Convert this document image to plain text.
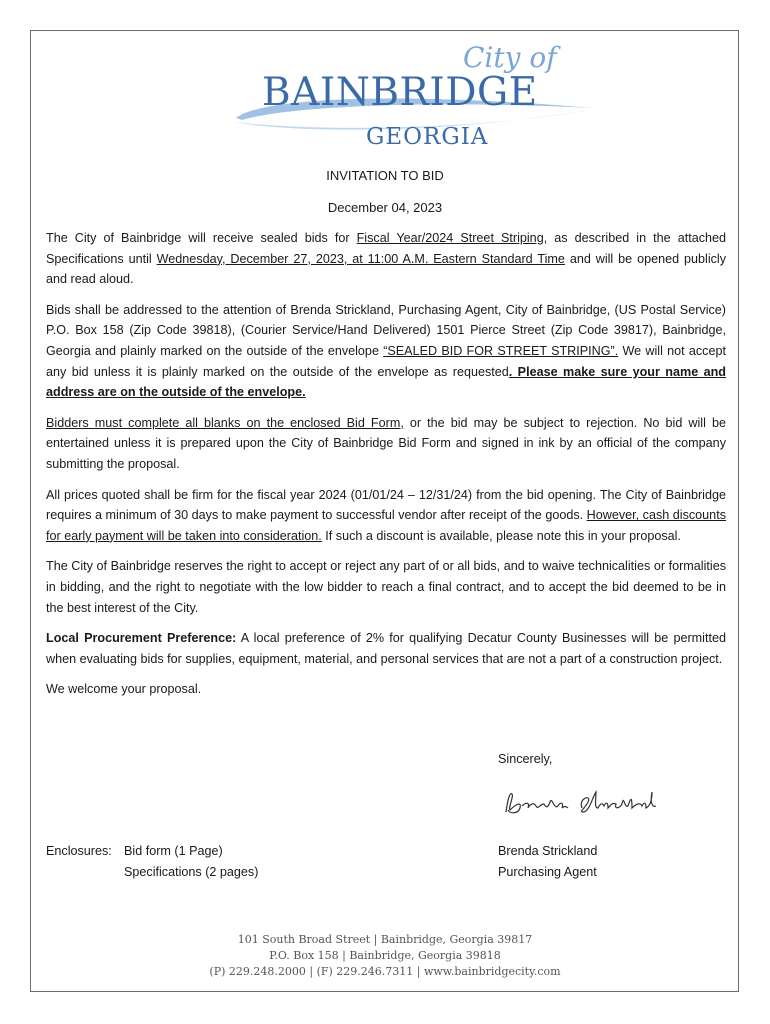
City of
BAINBRIDGE
GEORGIA
INVITATION TO BID
December 04, 2023

The City of Bainbridge will receive sealed bids for Fiscal Year/2024 Street Striping, as described in the attached Specifications until Wednesday, December 27, 2023, at 11:00 A.M. Eastern Standard Time and will be opened publicly and read aloud.

Bids shall be addressed to the attention of Brenda Strickland, Purchasing Agent, City of Bainbridge, (US Postal Service) P.O. Box 158 (Zip Code 39818), (Courier Service/Hand Delivered) 1501 Pierce Street (Zip Code 39817), Bainbridge, Georgia and plainly marked on the outside of the envelope “SEALED BID FOR STREET STRIPING”. We will not accept any bid unless it is plainly marked on the outside of the envelope as requested. Please make sure your name and address are on the outside of the envelope.

Bidders must complete all blanks on the enclosed Bid Form, or the bid may be subject to rejection. No bid will be entertained unless it is prepared upon the City of Bainbridge Bid Form and signed in ink by an official of the company submitting the proposal.

All prices quoted shall be firm for the fiscal year 2024 (01/01/24 – 12/31/24) from the bid opening. The City of Bainbridge requires a minimum of 30 days to make payment to successful vendor after receipt of the goods. However, cash discounts for early payment will be taken into consideration. If such a discount is available, please note this in your proposal.

The City of Bainbridge reserves the right to accept or reject any part of or all bids, and to waive technicalities or formalities in bidding, and the right to negotiate with the low bidder to reach a final contract, and to accept the bid deemed to be in the best interest of the City.

Local Procurement Preference: A local preference of 2% for qualifying Decatur County Businesses will be permitted when evaluating bids for supplies, equipment, material, and personal services that are not a part of a construction project.

We welcome your proposal.

Sincerely,
Enclosures: Bid form (1 Page)
Specifications (2 pages)
Brenda Strickland
Purchasing Agent
101 South Broad Street | Bainbridge, Georgia 39817
P.O. Box 158 | Bainbridge, Georgia 39818
(P) 229.248.2000 | (F) 229.246.7311 | www.bainbridgecity.com
